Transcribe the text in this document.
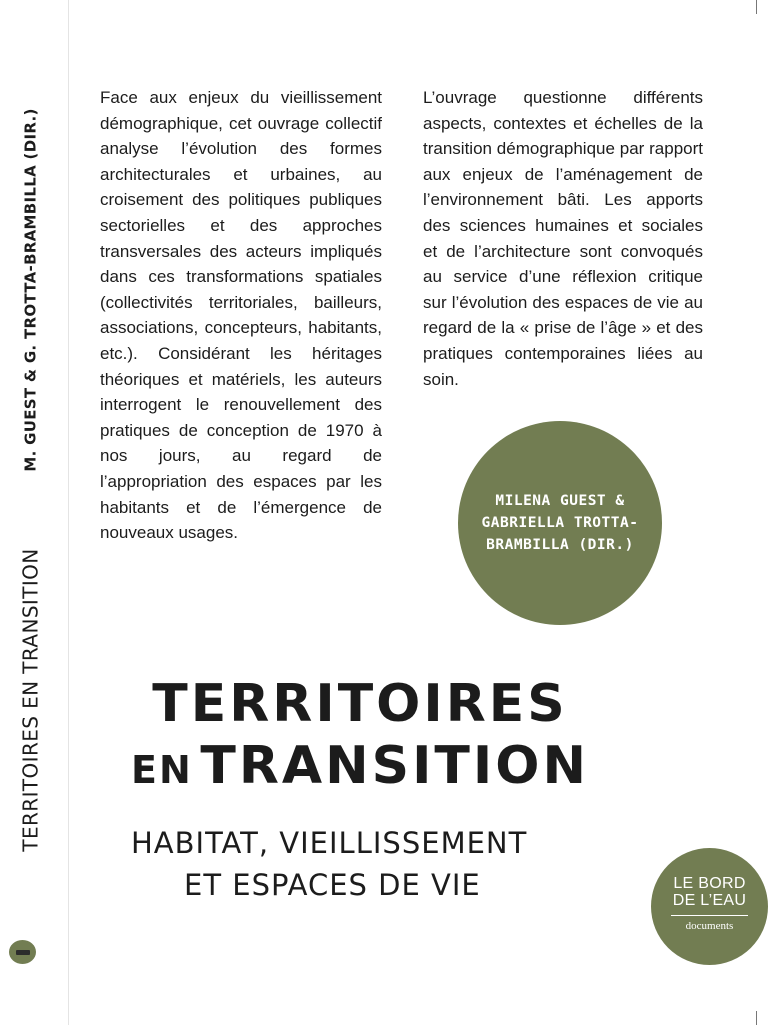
M. GUEST & G. TROTTA-BRAMBILLA (DIR.)
TERRITOIRES EN TRANSITION

Face aux enjeux du vieillissement démographique, cet ouvrage collectif analyse l’évolution des formes architecturales et urbaines, au croisement des politiques publiques sectorielles et des approches transversales des acteurs impliqués dans ces transformations spatiales (collectivités territoriales, bailleurs, associations, concepteurs, habitants, etc.). Considérant les héritages théoriques et matériels, les auteurs interrogent le renouvellement des pratiques de conception de 1970 à nos jours, au regard de l’appropriation des espaces par les habitants et de l’émergence de nouveaux usages.

L’ouvrage questionne différents aspects, contextes et échelles de la transition démographique par rapport aux enjeux de l’aménagement de l’environnement bâti. Les apports des sciences humaines et sociales et de l’architecture sont convoqués au service d’une réflexion critique sur l’évolution des espaces de vie au regard de la « prise de l’âge » et des pratiques contemporaines liées au soin.

MILENA GUEST & GABRIELLA TROTTA-BRAMBILLA (DIR.)
TERRITOIRES
EN TRANSITION
HABITAT, VIEILLISSEMENT
ET ESPACES DE VIE	LE BORD
DE L’EAU
documents
